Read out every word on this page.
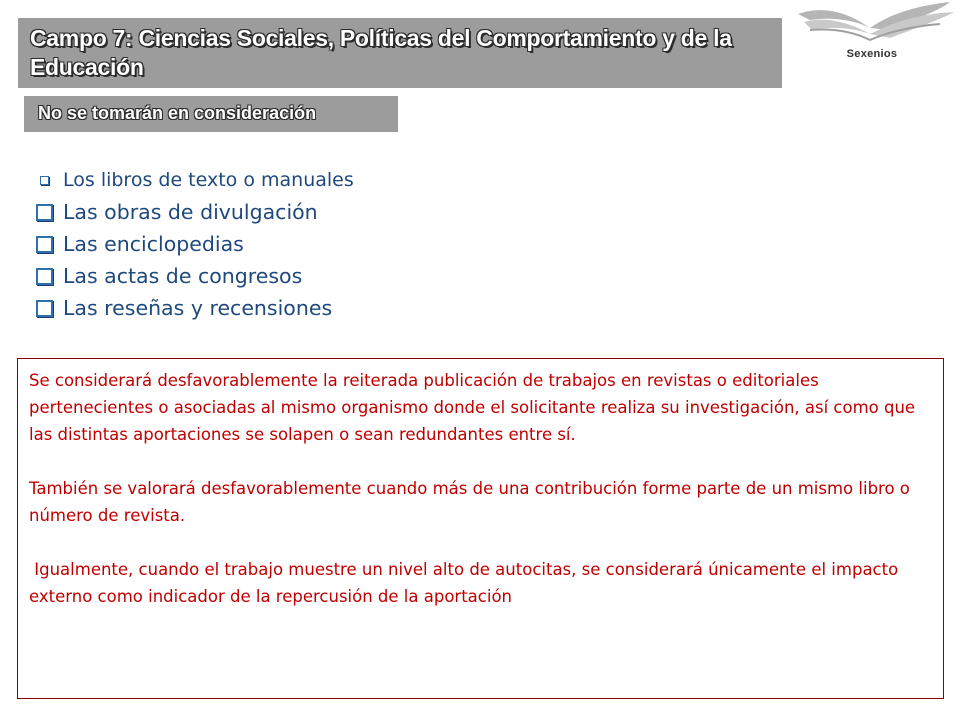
Campo 7: Ciencias Sociales, Políticas del Comportamiento y de la Educación	Sexenios

No se tomarán en consideración

Los libros de texto o manuales
Las obras de divulgación
Las enciclopedias
Las actas de congresos
Las reseñas y recensiones

Se considerará desfavorablemente la reiterada publicación de trabajos en revistas o editoriales pertenecientes o asociadas al mismo organismo donde el solicitante realiza su investigación, así como que las distintas aportaciones se solapen o sean redundantes entre sí.

También se valorará desfavorablemente cuando más de una contribución forme parte de un mismo libro o número de revista.

Igualmente, cuando el trabajo muestre un nivel alto de autocitas, se considerará únicamente el impacto externo como indicador de la repercusión de la aportación
